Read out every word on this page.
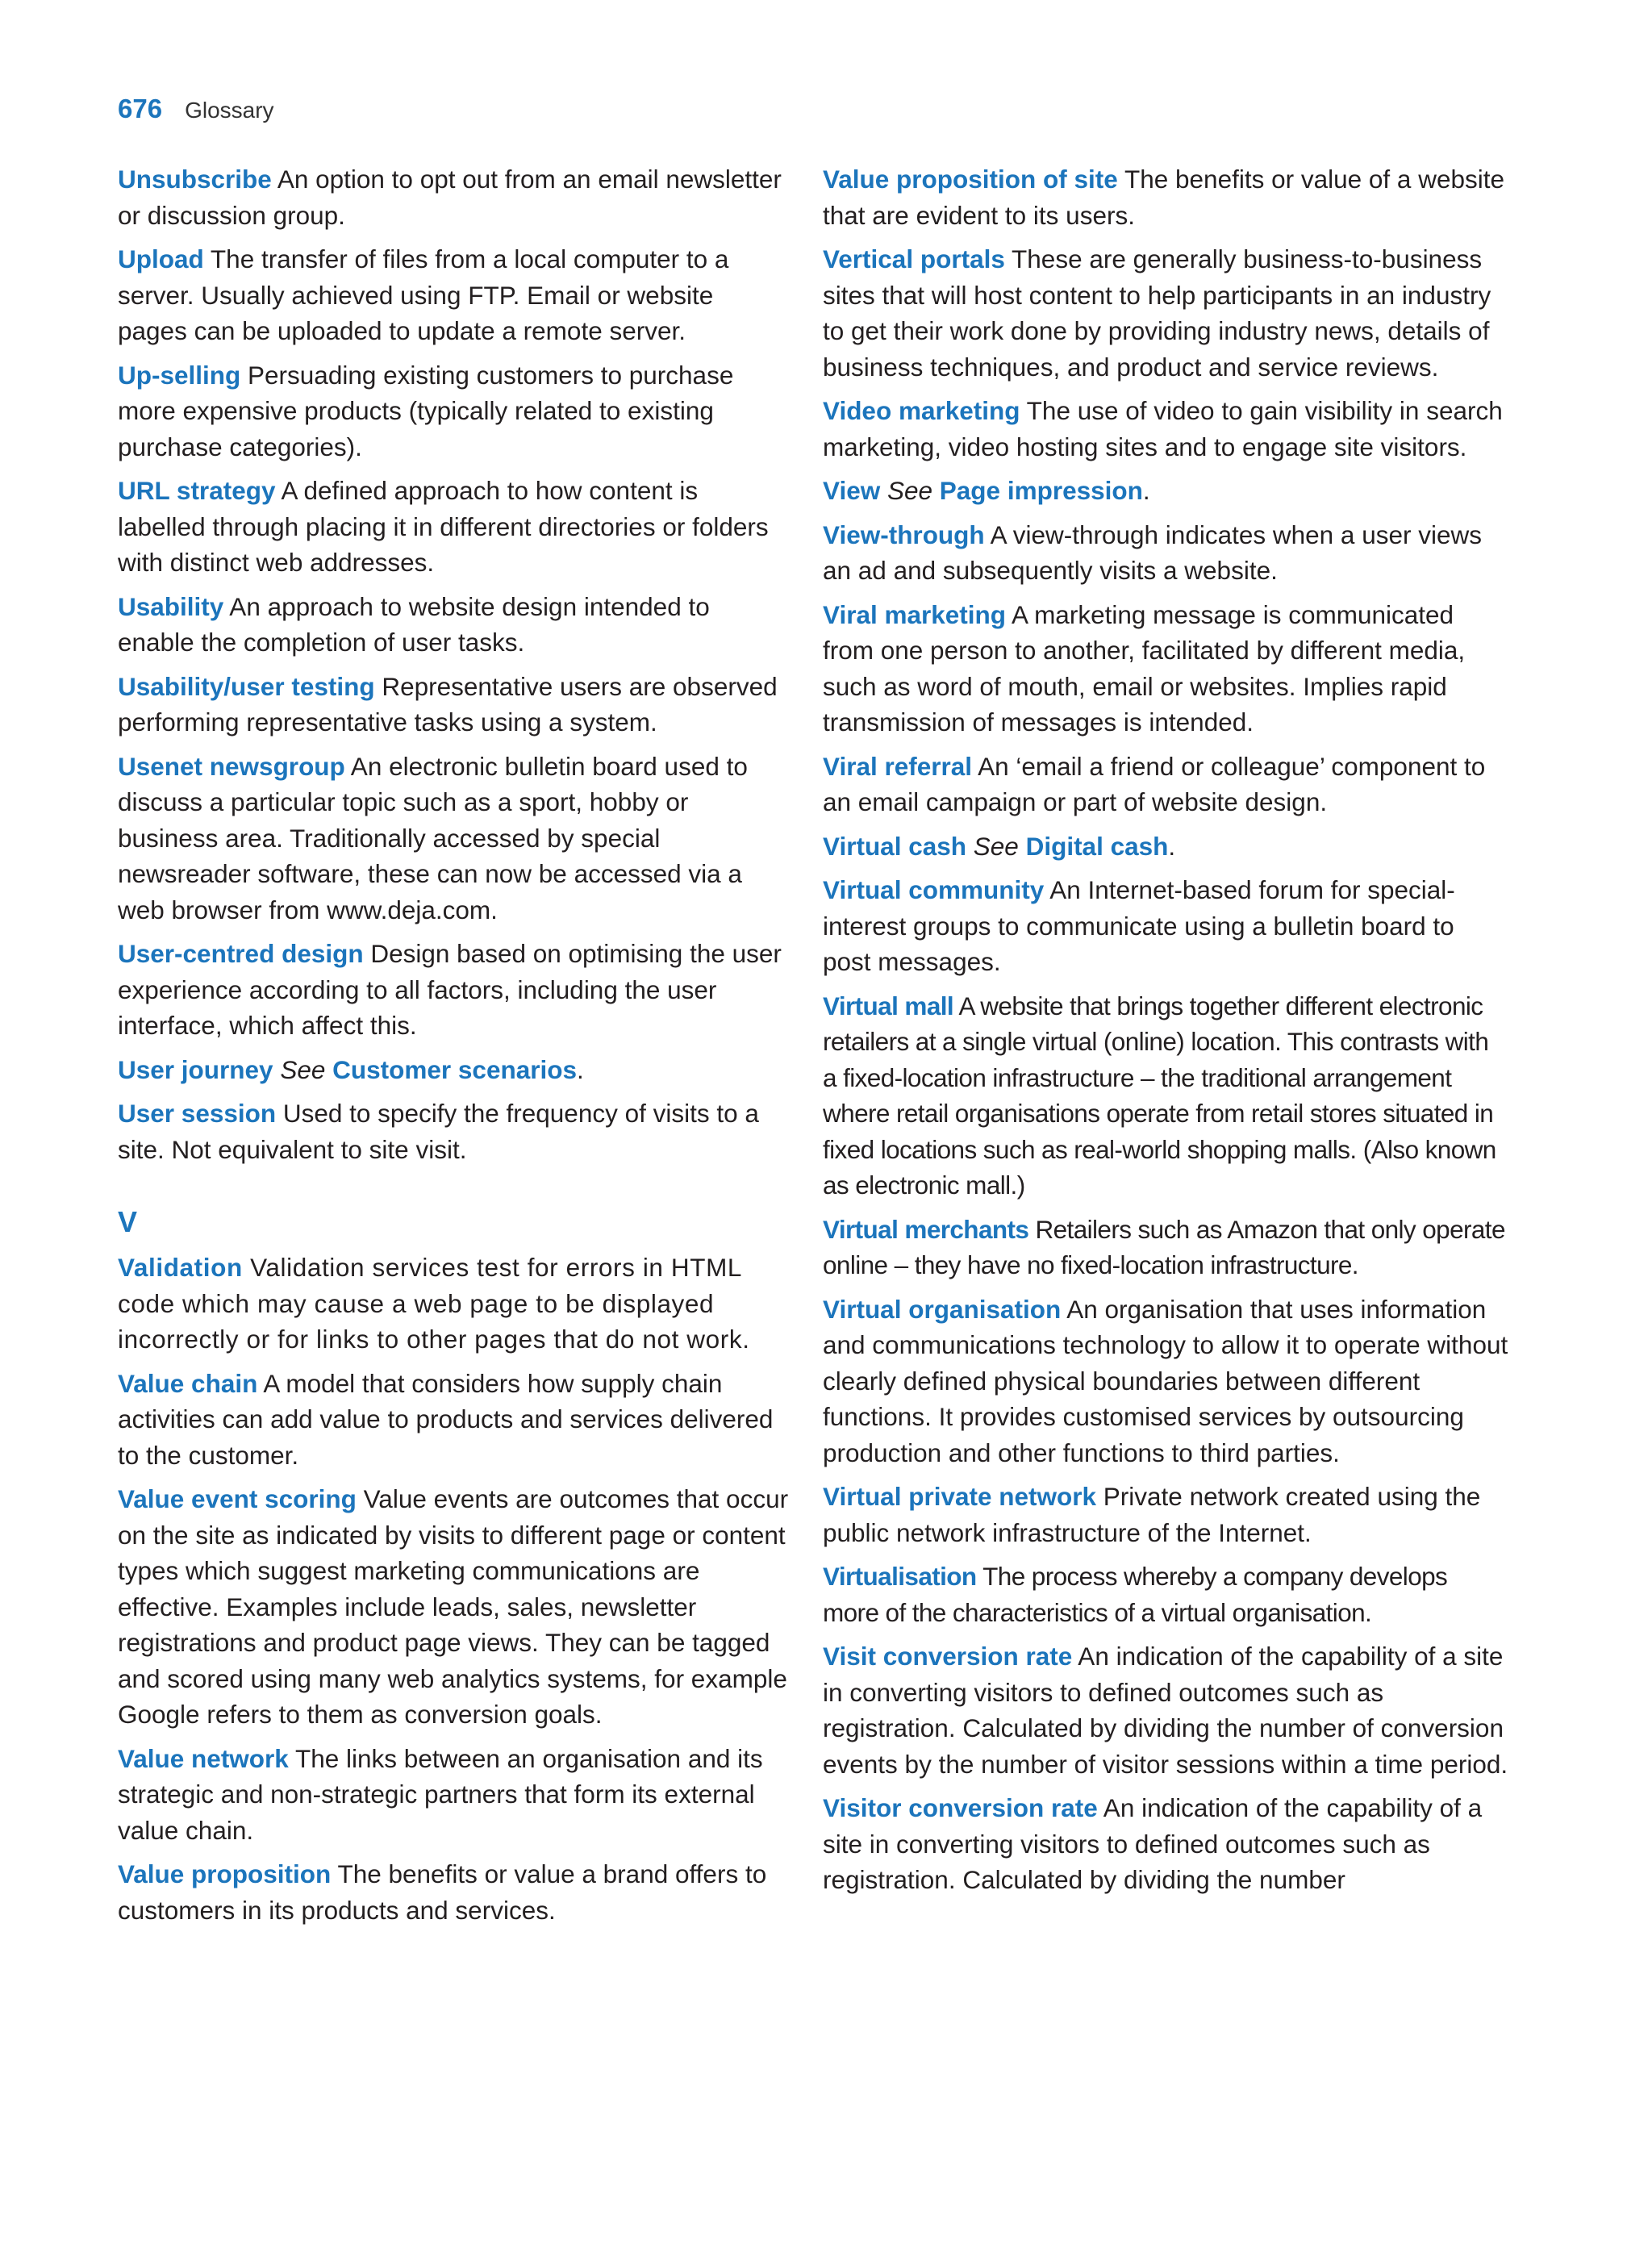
676 Glossary

Unsubscribe An option to opt out from an email newsletter or discussion group.

Upload The transfer of files from a local computer to a server. Usually achieved using FTP. Email or website pages can be uploaded to update a remote server.

Up-selling Persuading existing customers to purchase more expensive products (typically related to existing purchase categories).

URL strategy A defined approach to how content is labelled through placing it in different directories or folders with distinct web addresses.

Usability An approach to website design intended to enable the completion of user tasks.

Usability/user testing Representative users are observed performing representative tasks using a system.

Usenet newsgroup An electronic bulletin board used to discuss a particular topic such as a sport, hobby or business area. Traditionally accessed by special newsreader software, these can now be accessed via a web browser from www.deja.com.

User-centred design Design based on optimising the user experience according to all factors, including the user interface, which affect this.

User journey See Customer scenarios.

User session Used to specify the frequency of visits to a site. Not equivalent to site visit.

V

Validation Validation services test for errors in HTML code which may cause a web page to be displayed incorrectly or for links to other pages that do not work.

Value chain A model that considers how supply chain activities can add value to products and services delivered to the customer.

Value event scoring Value events are outcomes that occur on the site as indicated by visits to different page or content types which suggest marketing communications are effective. Examples include leads, sales, newsletter registrations and product page views. They can be tagged and scored using many web analytics systems, for example Google refers to them as conversion goals.

Value network The links between an organisation and its strategic and non-strategic partners that form its external value chain.

Value proposition The benefits or value a brand offers to customers in its products and services.

Value proposition of site The benefits or value of a website that are evident to its users.

Vertical portals These are generally business-to-business sites that will host content to help participants in an industry to get their work done by providing industry news, details of business techniques, and product and service reviews.

Video marketing The use of video to gain visibility in search marketing, video hosting sites and to engage site visitors.

View See Page impression.

View-through A view-through indicates when a user views an ad and subsequently visits a website.

Viral marketing A marketing message is communicated from one person to another, facilitated by different media, such as word of mouth, email or websites. Implies rapid transmission of messages is intended.

Viral referral An ‘email a friend or colleague’ component to an email campaign or part of website design.

Virtual cash See Digital cash.

Virtual community An Internet-based forum for special-interest groups to communicate using a bulletin board to post messages.

Virtual mall A website that brings together different electronic retailers at a single virtual (online) location. This contrasts with a fixed-location infrastructure – the traditional arrangement where retail organisations operate from retail stores situated in fixed locations such as real-world shopping malls. (Also known as electronic mall.)

Virtual merchants Retailers such as Amazon that only operate online – they have no fixed-location infrastructure.

Virtual organisation An organisation that uses information and communications technology to allow it to operate without clearly defined physical boundaries between different functions. It provides customised services by outsourcing production and other functions to third parties.

Virtual private network Private network created using the public network infrastructure of the Internet.

Virtualisation The process whereby a company develops more of the characteristics of a virtual organisation.

Visit conversion rate An indication of the capability of a site in converting visitors to defined outcomes such as registration. Calculated by dividing the number of conversion events by the number of visitor sessions within a time period.

Visitor conversion rate An indication of the capability of a site in converting visitors to defined outcomes such as registration. Calculated by dividing the number
